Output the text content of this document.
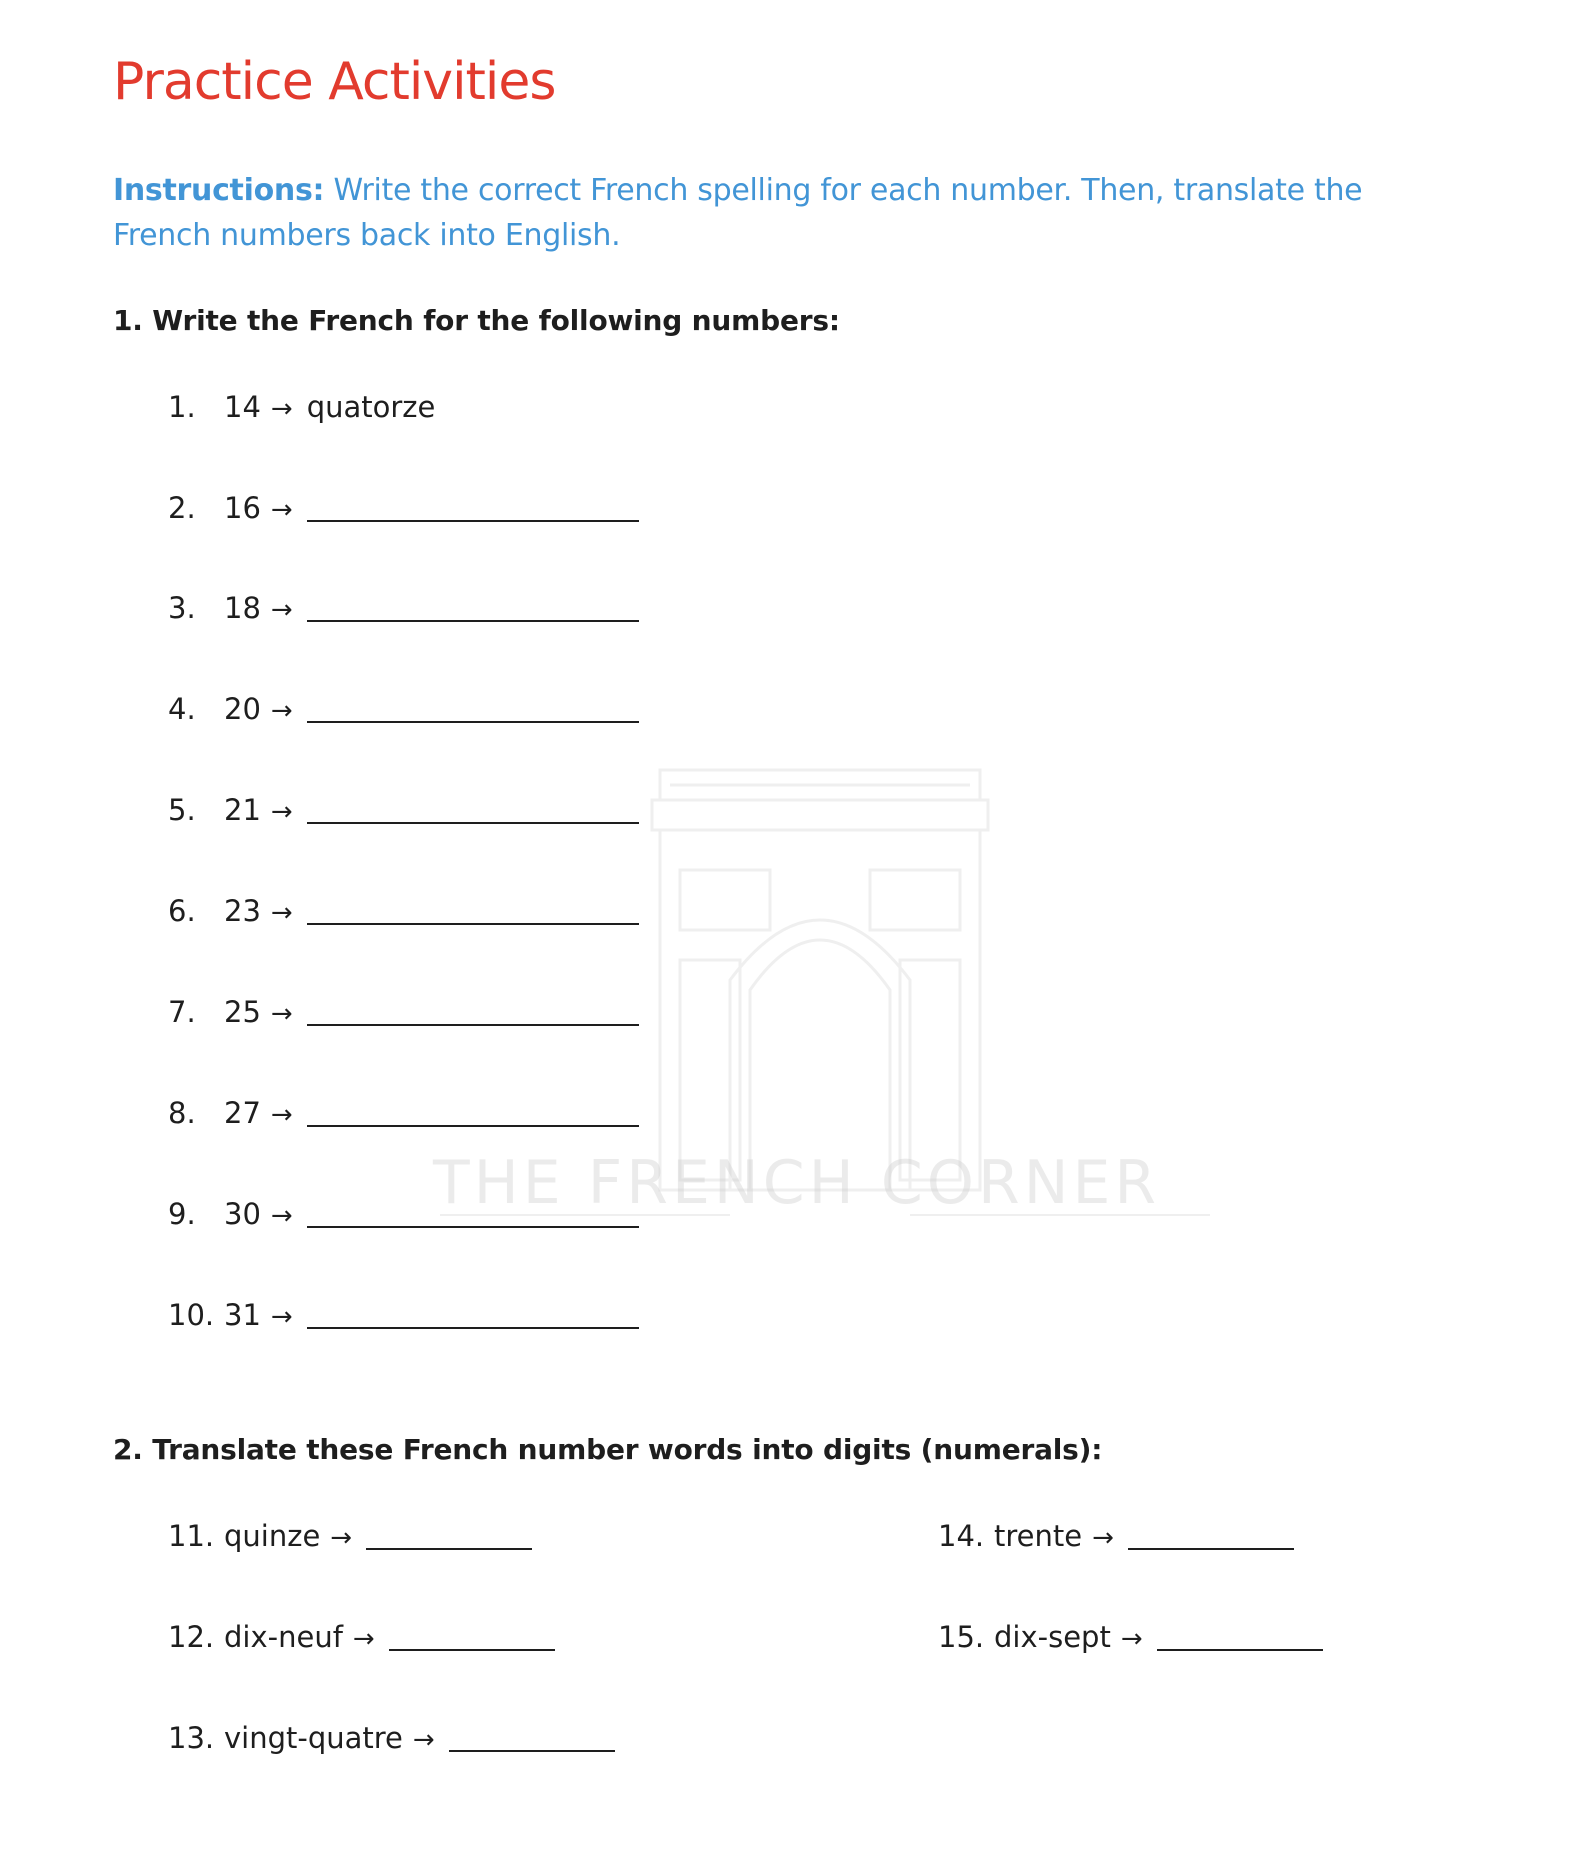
THE FRENCH CORNER
Practice Activities

Instructions: Write the correct French spelling for each number. Then, translate the French numbers back into English.

1. Write the French for the following numbers:
1. 14 → quatorze
2. 16 →
3. 18 →
4. 20 →
5. 21 →
6. 23 →
7. 25 →
8. 27 →
9. 30 →
10. 31 →
2. Translate these French number words into digits (numerals):
11. quinze →
12. dix-neuf →
13. vingt-quatre →
14. trente →
15. dix-sept →
